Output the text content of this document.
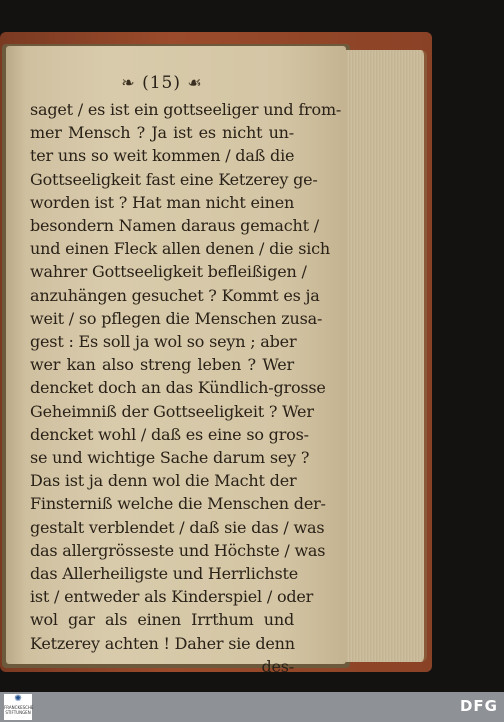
❧ (15) ☙
saget / es ist ein gottseeliger und from-
mer Mensch ? Ja ist es nicht un-
ter uns so weit kommen / daß die
Gottseeligkeit fast eine Ketzerey ge-
worden ist ? Hat man nicht einen
besondern Namen daraus gemacht /
und einen Fleck allen denen / die sich
wahrer Gottseeligkeit befleißigen /
anzuhängen gesuchet ? Kommt es ja
weit / so pflegen die Menschen zusa-
gest : Es soll ja wol so seyn ; aber
wer kan also streng leben ? Wer
dencket doch an das Kündlich-grosse
Geheimniß der Gottseeligkeit ? Wer
dencket wohl / daß es eine so gros-
se und wichtige Sache darum sey ?
Das ist ja denn wol die Macht der
Finsterniß welche die Menschen der-
gestalt verblendet / daß sie das / was
das allergrösseste und Höchste / was
das Allerheiligste und Herrlichste
ist / entweder als Kinderspiel / oder
wol gar als einen Irrthum und
Ketzerey achten ! Daher sie denn
des-
✺
FRANCKESCHE STIFTUNGEN	DFG
